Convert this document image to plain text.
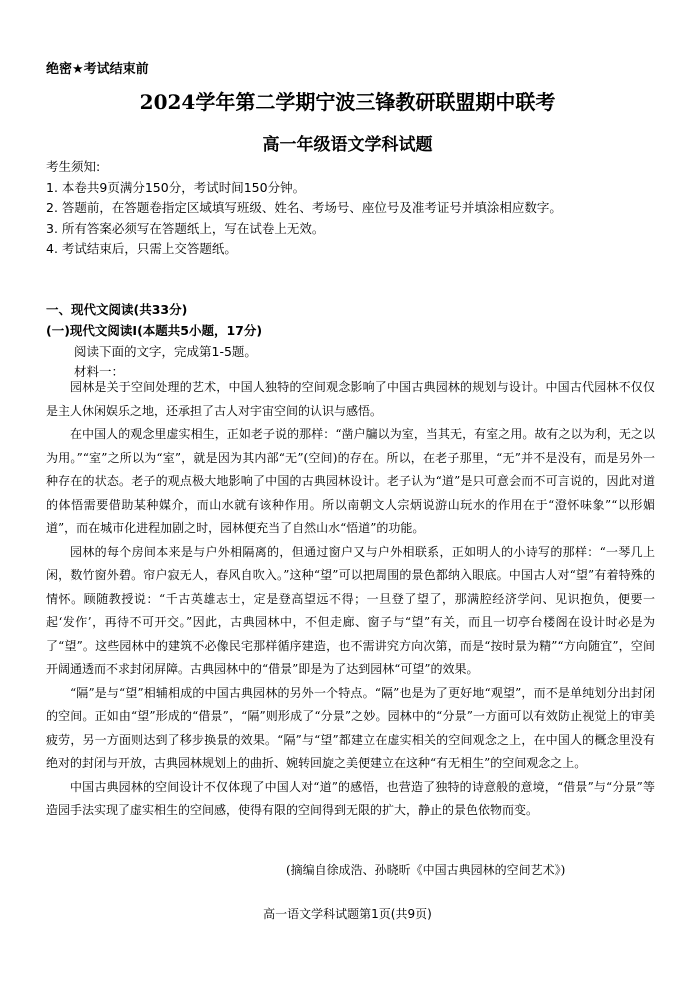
绝密★考试结束前
2024学年第二学期宁波三锋教研联盟期中联考
高一年级语文学科试题
考生须知:
1. 本卷共9页满分150分，考试时间150分钟。
2. 答题前，在答题卷指定区域填写班级、姓名、考场号、座位号及准考证号并填涂相应数字。
3. 所有答案必须写在答题纸上，写在试卷上无效。
4. 考试结束后，只需上交答题纸。
一、现代文阅读(共33分)
(一)现代文阅读Ⅰ(本题共5小题，17分)
阅读下面的文字，完成第1-5题。
材料一：

园林是关于空间处理的艺术，中国人独特的空间观念影响了中国古典园林的规划与设计。中国古代园林不仅仅是主人休闲娱乐之地，还承担了古人对宇宙空间的认识与感悟。

在中国人的观念里虚实相生，正如老子说的那样：“凿户牖以为室，当其无，有室之用。故有之以为利，无之以为用。”“室”之所以为“室”，就是因为其内部“无”(空间)的存在。所以，在老子那里，“无”并不是没有，而是另外一种存在的状态。老子的观点极大地影响了中国的古典园林设计。老子认为“道”是只可意会而不可言说的，因此对道的体悟需要借助某种媒介，而山水就有该种作用。所以南朝文人宗炳说游山玩水的作用在于“澄怀味象”“以形媚道”，而在城市化进程加剧之时，园林便充当了自然山水“悟道”的功能。

园林的每个房间本来是与户外相隔离的，但通过窗户又与户外相联系，正如明人的小诗写的那样：“一琴几上闲，数竹窗外碧。帘户寂无人，春风自吹入。”这种“望”可以把周围的景色都纳入眼底。中国古人对“望”有着特殊的情怀。顾随教授说：“千古英雄志士，定是登高望远不得；一旦登了望了，那满腔经济学问、见识抱负，便要一起‘发作’，再待不可开交。”因此，古典园林中，不但走廊、窗子与“望”有关，而且一切亭台楼阁在设计时必是为了“望”。这些园林中的建筑不必像民宅那样循序建造，也不需讲究方向次第，而是“按时景为精”“方向随宜”，空间开阔通透而不求封闭屏障。古典园林中的“借景”即是为了达到园林“可望”的效果。

“隔”是与“望”相辅相成的中国古典园林的另外一个特点。“隔”也是为了更好地“观望”，而不是单纯划分出封闭的空间。正如由“望”形成的“借景”，“隔”则形成了“分景”之妙。园林中的“分景”一方面可以有效防止视觉上的审美疲劳，另一方面则达到了移步换景的效果。“隔”与“望”都建立在虚实相关的空间观念之上，在中国人的概念里没有绝对的封闭与开放，古典园林规划上的曲折、婉转回旋之美便建立在这种“有无相生”的空间观念之上。

中国古典园林的空间设计不仅体现了中国人对“道”的感悟，也营造了独特的诗意般的意境，“借景”与“分景”等造园手法实现了虚实相生的空间感，使得有限的空间得到无限的扩大，静止的景色依物而变。

(摘编自徐成浩、孙晓昕《中国古典园林的空间艺术》)
高一语文学科试题第1页(共9页)
